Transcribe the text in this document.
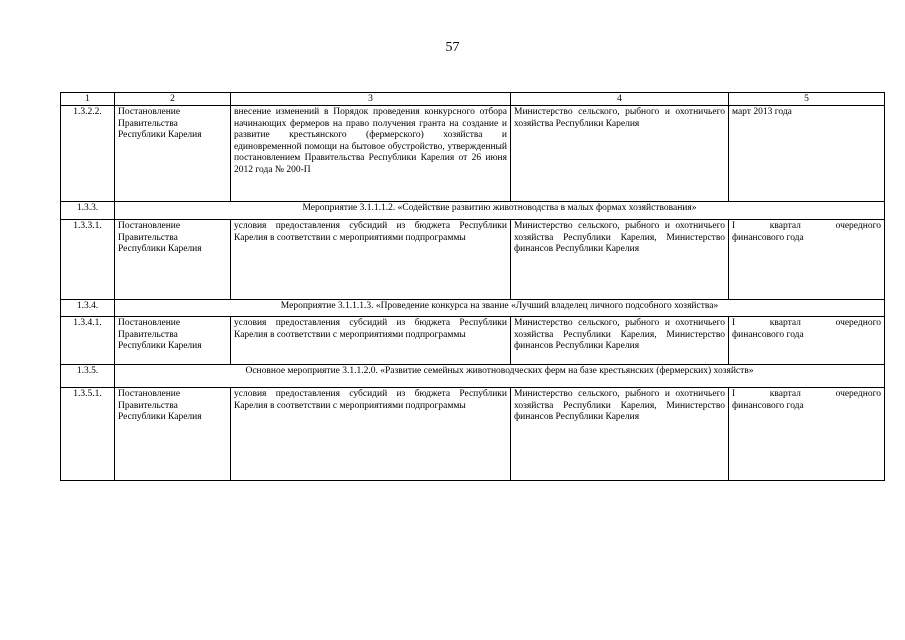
57
1	2	3	4	5
1.3.2.2.	Постановление Правительства Республики Карелия	внесение изменений в Порядок проведения конкурсного отбора начинающих фермеров на право получения гранта на создание и развитие крестьянского (фермерского) хозяйства и единовременной помощи на бытовое обустройство, утвержденный постановлением Правительства Республики Карелия от 26 июня 2012 года № 200-П	Министерство сельского, рыбного и охотничьего хозяйства Республики Карелия	март 2013 года
1.3.3.	Мероприятие 3.1.1.1.2. «Содействие развитию животноводства в малых формах хозяйствования»			
1.3.3.1.	Постановление Правительства Республики Карелия	условия предоставления субсидий из бюджета Республики Карелия в соответствии с мероприятиями подпрограммы	Министерство сельского, рыбного и охотничьего хозяйства Республики Карелия, Министерство финансов Республики Карелия	I квартал очередного
финансового года

1.3.4.	Мероприятие 3.1.1.1.3. «Проведение конкурса на звание «Лучший владелец личного подсобного хозяйства»			
1.3.4.1.	Постановление Правительства Республики Карелия	условия предоставления субсидий из бюджета Республики Карелия в соответствии с мероприятиями подпрограммы	Министерство сельского, рыбного и охотничьего хозяйства Республики Карелия, Министерство финансов Республики Карелия	I квартал очередного
финансового года

1.3.5.	Основное мероприятие 3.1.1.2.0. «Развитие семейных животноводческих ферм на базе крестьянских (фермерских) хозяйств»			
1.3.5.1.	Постановление Правительства Республики Карелия	условия предоставления субсидий из бюджета Республики Карелия в соответствии с мероприятиями подпрограммы	Министерство сельского, рыбного и охотничьего хозяйства Республики Карелия, Министерство финансов Республики Карелия	I квартал очередного
финансового года
